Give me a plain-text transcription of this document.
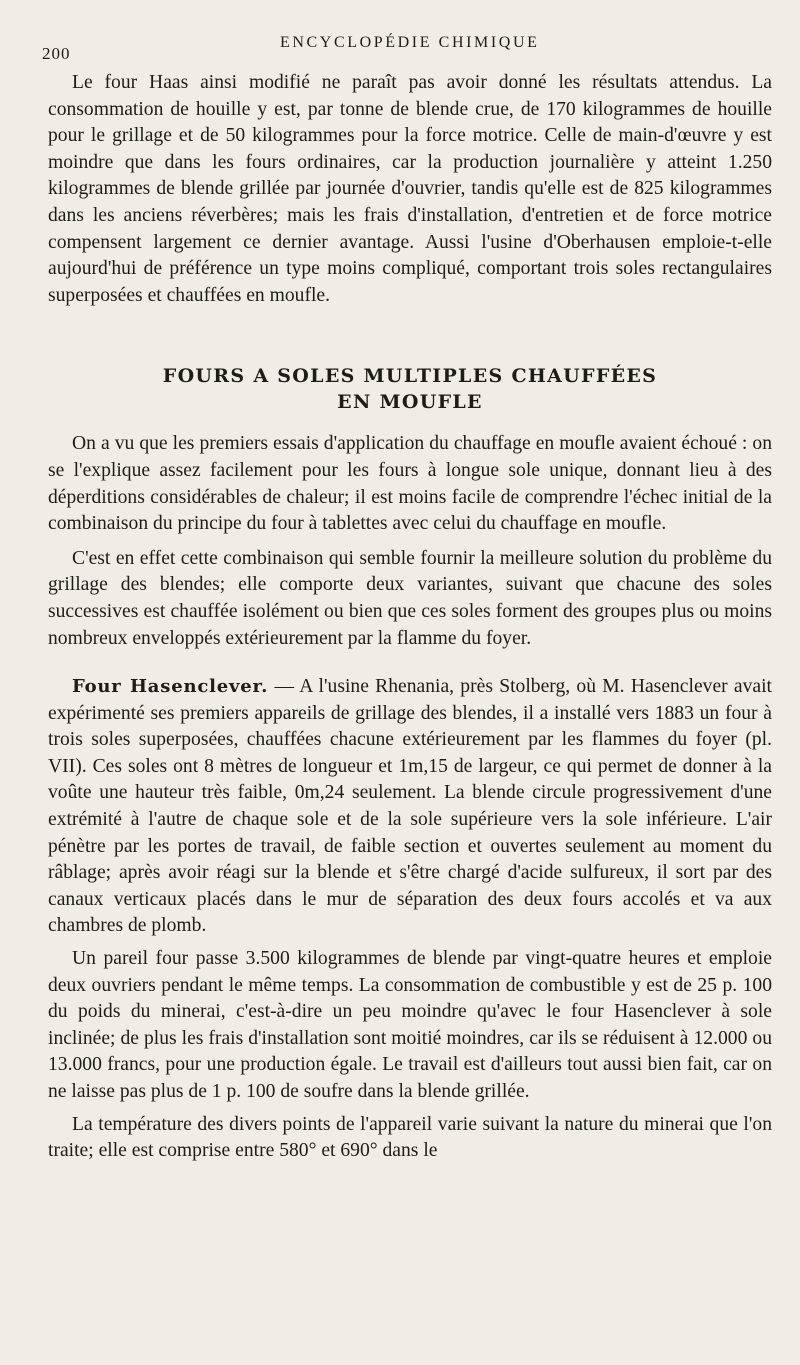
200
ENCYCLOPÉDIE CHIMIQUE

Le four Haas ainsi modifié ne paraît pas avoir donné les résultats attendus. La consommation de houille y est, par tonne de blende crue, de 170 kilogrammes de houille pour le grillage et de 50 kilogrammes pour la force motrice. Celle de main-d'œuvre y est moindre que dans les fours ordinaires, car la production journalière y atteint 1.250 kilogrammes de blende grillée par journée d'ouvrier, tandis qu'elle est de 825 kilogrammes dans les anciens réverbères; mais les frais d'installation, d'entretien et de force motrice compensent largement ce dernier avantage. Aussi l'usine d'Oberhausen emploie-t-elle aujourd'hui de préférence un type moins compliqué, comportant trois soles rectangulaires superposées et chauffées en moufle.

FOURS A SOLES MULTIPLES CHAUFFÉES
EN MOUFLE

On a vu que les premiers essais d'application du chauffage en moufle avaient échoué : on se l'explique assez facilement pour les fours à longue sole unique, donnant lieu à des déperditions considérables de chaleur; il est moins facile de comprendre l'échec initial de la combinaison du principe du four à tablettes avec celui du chauffage en moufle.

C'est en effet cette combinaison qui semble fournir la meilleure solution du problème du grillage des blendes; elle comporte deux variantes, suivant que chacune des soles successives est chauffée isolément ou bien que ces soles forment des groupes plus ou moins nombreux enveloppés extérieurement par la flamme du foyer.

Four Hasenclever. — A l'usine Rhenania, près Stolberg, où M. Hasenclever avait expérimenté ses premiers appareils de grillage des blendes, il a installé vers 1883 un four à trois soles superposées, chauffées chacune extérieurement par les flammes du foyer (pl. VII). Ces soles ont 8 mètres de longueur et 1m,15 de largeur, ce qui permet de donner à la voûte une hauteur très faible, 0m,24 seulement. La blende circule progressivement d'une extrémité à l'autre de chaque sole et de la sole supérieure vers la sole inférieure. L'air pénètre par les portes de travail, de faible section et ouvertes seulement au moment du râblage; après avoir réagi sur la blende et s'être chargé d'acide sulfureux, il sort par des canaux verticaux placés dans le mur de séparation des deux fours accolés et va aux chambres de plomb.

Un pareil four passe 3.500 kilogrammes de blende par vingt-quatre heures et emploie deux ouvriers pendant le même temps. La consommation de combustible y est de 25 p. 100 du poids du minerai, c'est-à-dire un peu moindre qu'avec le four Hasenclever à sole inclinée; de plus les frais d'installation sont moitié moindres, car ils se réduisent à 12.000 ou 13.000 francs, pour une production égale. Le travail est d'ailleurs tout aussi bien fait, car on ne laisse pas plus de 1 p. 100 de soufre dans la blende grillée.

La température des divers points de l'appareil varie suivant la nature du minerai que l'on traite; elle est comprise entre 580° et 690° dans le
